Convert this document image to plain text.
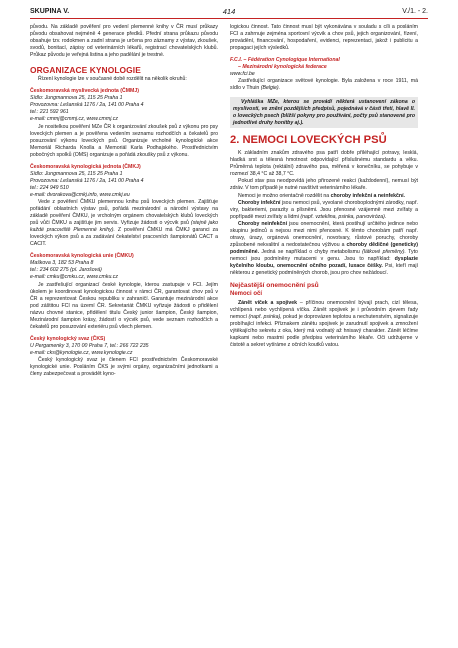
SKUPINA V.	414	V./1. - 2.

původu. Na základě pověření pro vedení plemenné knihy v ČR musí průkazy původu obsahovat nejméně 4 generace předků. Přední strana průkazu původu obsahuje tzv. rodokmen a zadní strana je určena pro záznamy z výstav, zkoušek, svodů, bonitací, zápisy od veterinárních lékařů, registrací chovatelských klubů. Průkaz původu je veřejná listina a jeho padělání je trestné.

ORGANIZACE KYNOLOGIE

Řízení kynologie lze v současné době rozdělit na několik okruhů:

Českomoravská myslivecká jednota (ČMMJ)

Sídlo: Jungmannova 25, 115 25 Praha 1

Provozovna: Lešanská 1176 / 2a, 141 00 Praha 4

tel.: 221 592 961

e-mail: cmmj@cmmj.cz, www.cmmj.cz

Je nositelkou pověření MZe ČR k organizování zkoušek psů z výkonu pro psy loveckých plemen a je pověřena vedením seznamu rozhodčích a čekatelů pro posuzování výkonu loveckých psů. Organizuje vrcholné kynologické akce Memoriál Richarda Knolla a Memoriál Karla Podhajského. Prostřednictvím pobočných spolků (OMS) organizuje a pořádá zkoušky psů z výkonu.

Českomoravská kynologická jednota (ČMKJ)

Sídlo: Jungmannova 25, 115 25 Praha 1

Provozovna: Lešanská 1176 / 2a, 141 00 Praha 4

tel.: 224 949 510

e-mail: dvorakova@cmkj.info, www.cmkj.eu

Vede z pověření ČMKU plemennou knihu psů loveckých plemen. Zajišťuje pořádání oblastních výstav psů, pořádá mezinárodní a národní výstavy na základě pověření ČMKU, je vrcholným orgánem chovatelských klubů loveckých psů vůči ČMKU a zajišťuje jim servis. Vyřizuje žádosti o výcvik psů (stejně jako každé pracoviště Plemenné knihy). Z pověření ČMKU má ČMKJ garanci za loveckých výkon psů a za zadávání čekatelství pracovních šampionátů CACT a CACIT.

Českomoravská kynologická unie (ČMKU)

Maškova 3, 182 53 Praha 8

tel.: 234 602 275 (pí. Jarošová)

e-mail: cmku@cmku.cz, www.cmku.cz

Je zastřešující organizací české kynologie, kterou zastupuje v FCI. Jejím úkolem je koordinovat kynologickou činnost v rámci ČR, garantovat chov psů v ČR a reprezentovat Českou republiku v zahraničí. Garantuje mezinárodní akce pod záštitou FCI na území ČR. Sekretariát ČMKU vyřizuje žádosti o přidělení názvu chovné stanice, přidělení titulu Český junior šampion, Český šampion, Mezinárodní šampion krásy, žádostí o výcvik psů, vede seznam rozhodčích a čekatelů pro posuzování exteriéru psů všech plemen.

Český kynologický svaz (ČKS)

U Pergamenky 3, 170 00 Praha 7, tel.: 266 722 235

e-mail: cks@kynologie.cz, www.kynologie.cz

Český kynologický svaz je členem FCI prostřednictvím Českomoravské kynologické unie. Posláním ČKS je svými orgány, organizačními jednotkami a členy zabezpečovat a provádět kyno-

logickou činnost. Tato činnost musí být vykonávána v souladu s cíli a posláním FCI a zahrnuje zejména sportovní výcvik a chov psů, jejich organizování, řízení, provádění, financování, hospodaření, evidenci, reprezentaci, jakož i publicitu a propagaci jejích výsledků.

F.C.I. – Fédération Cynologique International

– Mezinárodní kynologická federace

www.fci.be

Zastřešující organizace světové kynologie. Byla založena v roce 1911, má sídlo v Thuin (Belgie).

Vyhláška MZe, kterou se provádí některá ustanovení zákona o myslivosti, ve znění pozdějších předpisů, pojednává v části třetí, hlavě II. o loveckých psech (bližší pokyny pro používání, počty psů stanovené pro jednotlivé druhy honitby aj.).

2. NEMOCI LOVECKÝCH PSŮ

K základním znakům zdravého psa patří dobře přiléhající potravy, lesklá, hladká srst a tělesná hmotnost odpovídající příslušnému standardu a věku. Průměrná teplota (rektální) zdravého psa, měřená v konečníku, se pohybuje v rozmezí 38,4 °C až 38,7 °C.

Pokud stav psa neodpovídá jeho přirozené reakci (každodenní), nemusí být zdráv. V tom případě je nutné navštívit veterinárního lékaře.

Nemoci je možno orientačně rozdělit na choroby infekční a neinfekční.

Choroby infekční jsou nemoci psů, vyvolané choroboplodnými zárodky, např. viry, bakteriemi, parazity a plísněmi. Jsou přenosné vzájemně mezi zvířaty a popřípadě mezi zvířaty a lidmi (např. vzteklina, psinka, parvoviróza).

Choroby neinfekční jsou onemocnění, která postihují určitého jedince nebo skupinu jedinců a nejsou mezi nimi přenosné. K těmto chorobám patří např. otravy, úrazy, orgánová onemocnění, novotvary, růstové poruchy, choroby způsobené nekvalitní a nedostatečnou výživou a choroby dědičné (geneticky) podmíněné. Jedná se například o chyby metabolismu (látkové přeměny). Tyto nemoci jsou podmíněny mutacemi v genu. Jsou to například: dysplazie kyčelního kloubu, onemocnění očního pozadí, luxace čéšky. Psi, kteří mají některou z genetický podmíněných chorob, jsou pro chov nežádoucí.

Nejčastější onemocnění psů

Nemoci očí

Zánět víček a spojivek – příčinou onemocnění bývají prach, cizí tělesa, vchlípená nebo vychlípená víčka. Zánět spojivek je i průvodním zjevem řady nemocí (např. psinka), pokud je doprovázen teplotou a nechutenstvím, signalizuje probíhající infekci. Příznakem zánětu spojivek je zarudnutí spojivek a zmnožení výtěkajícího sekretu z oka, který má vodnatý až hnisavý charakter. Zánět léčíme kapkami nebo mastmi podle předpisu veterinárního lékaře. Oči udržujeme v čistotě a sekret vytíráme z očních koutků vatou.
